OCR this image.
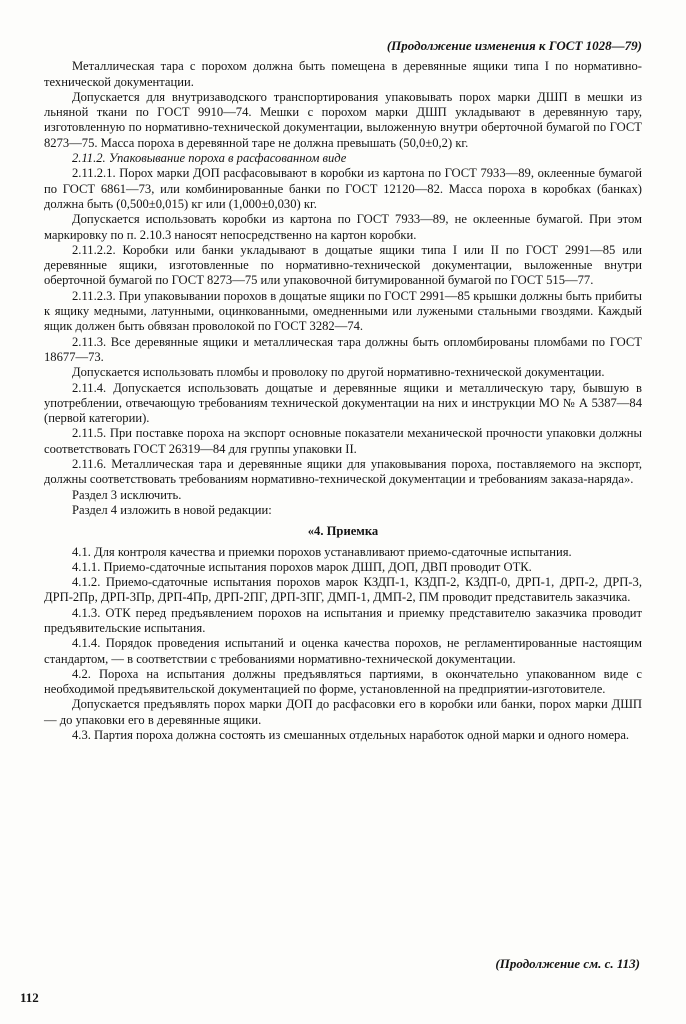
(Продолжение изменения к ГОСТ 1028—79)

Металлическая тара с порохом должна быть помещена в деревянные ящики типа I по нормативно-технической документации.

Допускается для внутризаводского транспортирования упаковывать порох марки ДШП в мешки из льняной ткани по ГОСТ 9910—74. Мешки с порохом марки ДШП укладывают в деревянную тару, изготовленную по нормативно-технической документации, выложенную внутри оберточной бумагой по ГОСТ 8273—75. Масса пороха в деревянной таре не должна превышать (50,0±0,2) кг.

2.11.2. Упаковывание пороха в расфасованном виде

2.11.2.1. Порох марки ДОП расфасовывают в коробки из картона по ГОСТ 7933—89, оклеенные бумагой по ГОСТ 6861—73, или комбинированные банки по ГОСТ 12120—82. Масса пороха в коробках (банках) должна быть (0,500±0,015) кг или (1,000±0,030) кг.

Допускается использовать коробки из картона по ГОСТ 7933—89, не оклеенные бумагой. При этом маркировку по п. 2.10.3 наносят непосредственно на картон коробки.

2.11.2.2. Коробки или банки укладывают в дощатые ящики типа I или II по ГОСТ 2991—85 или деревянные ящики, изготовленные по нормативно-технической документации, выложенные внутри оберточной бумагой по ГОСТ 8273—75 или упаковочной битумированной бумагой по ГОСТ 515—77.

2.11.2.3. При упаковывании порохов в дощатые ящики по ГОСТ 2991—85 крышки должны быть прибиты к ящику медными, латунными, оцинкованными, омедненными или лужеными стальными гвоздями. Каждый ящик должен быть обвязан проволокой по ГОСТ 3282—74.

2.11.3. Все деревянные ящики и металлическая тара должны быть опломбированы пломбами по ГОСТ 18677—73.

Допускается использовать пломбы и проволоку по другой нормативно-технической документации.

2.11.4. Допускается использовать дощатые и деревянные ящики и металлическую тару, бывшую в употреблении, отвечающую требованиям технической документации на них и инструкции МО № А 5387—84 (первой категории).

2.11.5. При поставке пороха на экспорт основные показатели механической прочности упаковки должны соответствовать ГОСТ 26319—84 для группы упаковки II.

2.11.6. Металлическая тара и деревянные ящики для упаковывания пороха, поставляемого на экспорт, должны соответствовать требованиям нормативно-технической документации и требованиям заказа-наряда».

Раздел 3 исключить.

Раздел 4 изложить в новой редакции:

«4. Приемка

4.1. Для контроля качества и приемки порохов устанавливают приемо-сдаточные испытания.

4.1.1. Приемо-сдаточные испытания порохов марок ДШП, ДОП, ДВП проводит ОТК.

4.1.2. Приемо-сдаточные испытания порохов марок КЗДП-1, КЗДП-2, КЗДП-0, ДРП-1, ДРП-2, ДРП-3, ДРП-2Пр, ДРП-3Пр, ДРП-4Пр, ДРП-2ПГ, ДРП-3ПГ, ДМП-1, ДМП-2, ПМ проводит представитель заказчика.

4.1.3. ОТК перед предъявлением порохов на испытания и приемку представителю заказчика проводит предъявительские испытания.

4.1.4. Порядок проведения испытаний и оценка качества порохов, не регламентированные настоящим стандартом, — в соответствии с требованиями нормативно-технической документации.

4.2. Пороха на испытания должны предъявляться партиями, в окончательно упакованном виде с необходимой предъявительской документацией по форме, установленной на предприятии-изготовителе.

Допускается предъявлять порох марки ДОП до расфасовки его в коробки или банки, порох марки ДШП — до упаковки его в деревянные ящики.

4.3. Партия пороха должна состоять из смешанных отдельных наработок одной марки и одного номера.

(Продолжение см. с. 113)
112
